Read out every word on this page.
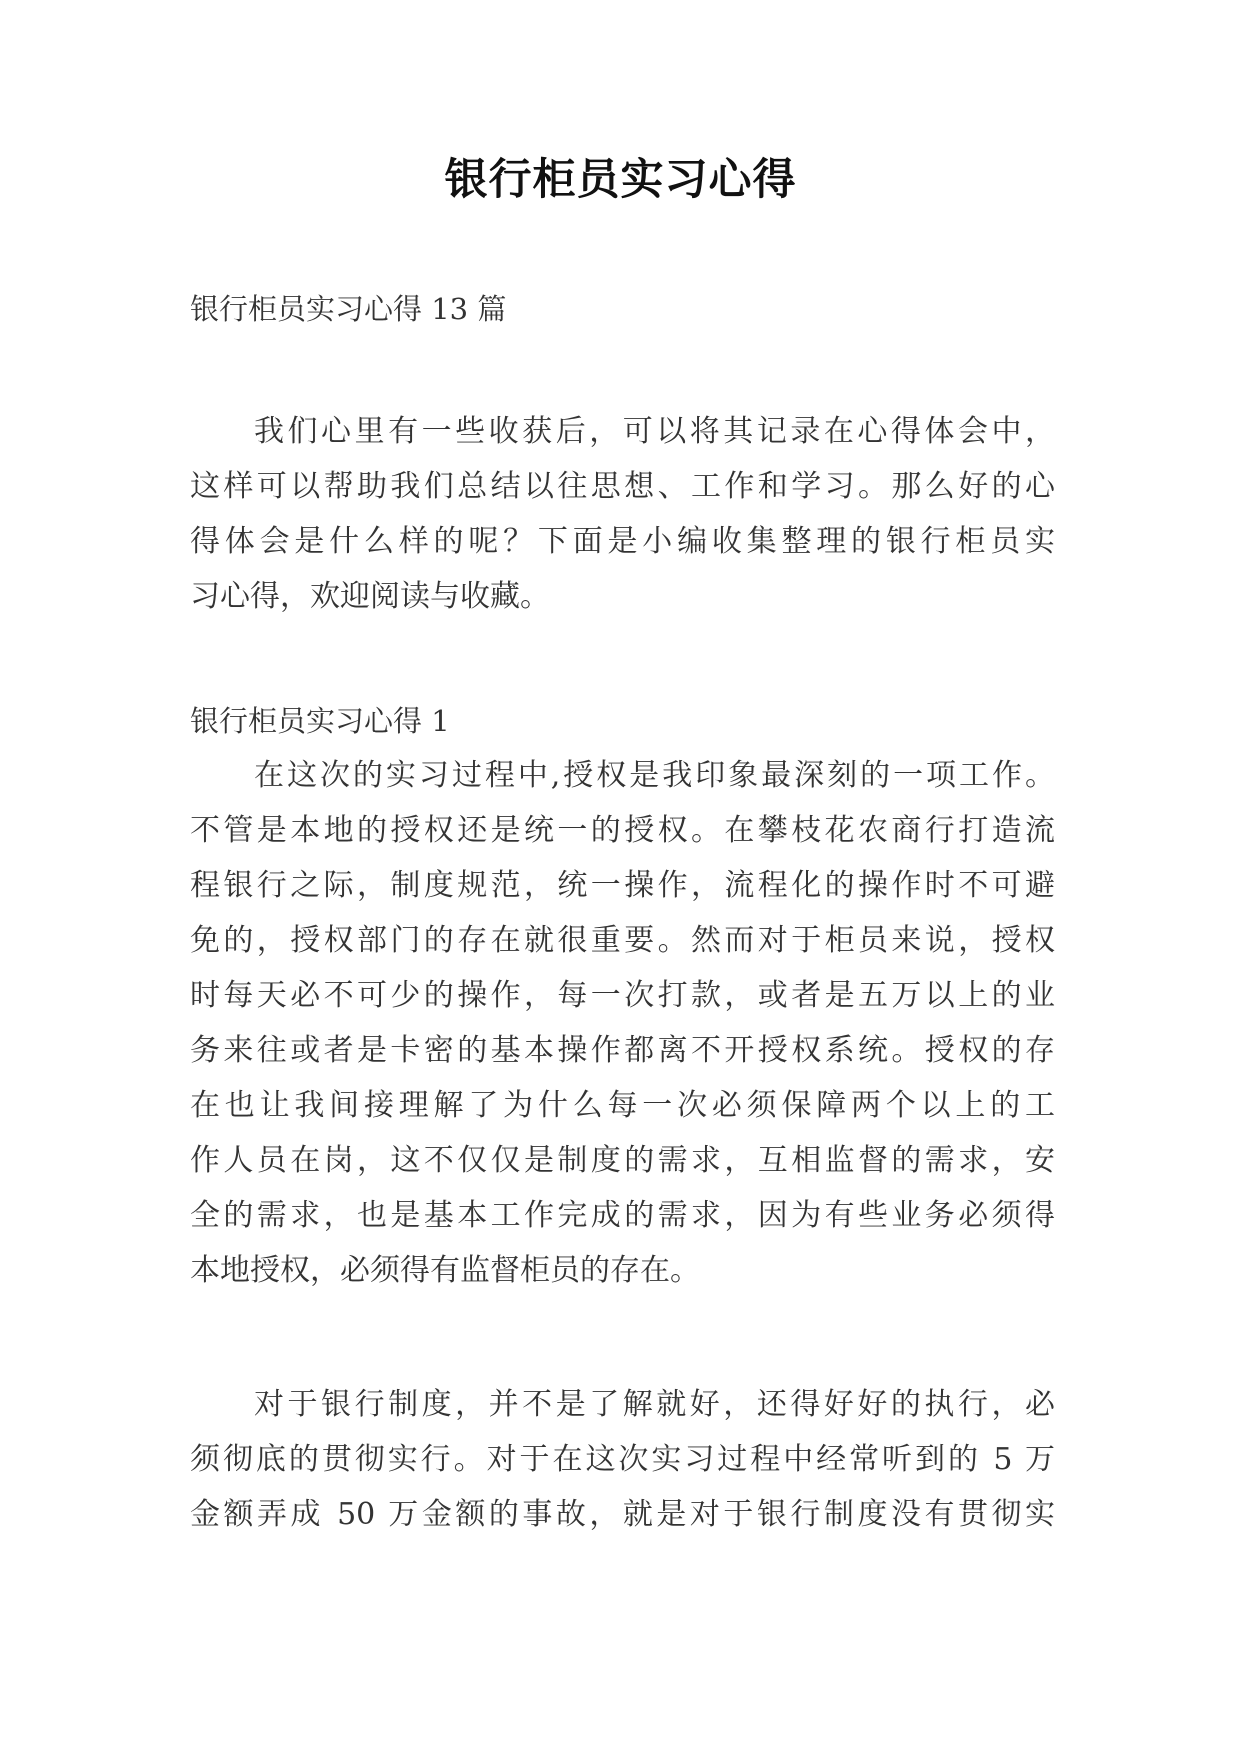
银行柜员实习心得
银行柜员实习心得 13 篇
我们心里有一些收获后，可以将其记录在心得体会中，
这样可以帮助我们总结以往思想、工作和学习。那么好的心
得体会是什么样的呢？下面是小编收集整理的银行柜员实
习心得，欢迎阅读与收藏。
银行柜员实习心得 1
在这次的实习过程中,授权是我印象最深刻的一项工作。
不管是本地的授权还是统一的授权。在攀枝花农商行打造流
程银行之际，制度规范，统一操作，流程化的操作时不可避
免的，授权部门的存在就很重要。然而对于柜员来说，授权
时每天必不可少的操作，每一次打款，或者是五万以上的业
务来往或者是卡密的基本操作都离不开授权系统。授权的存
在也让我间接理解了为什么每一次必须保障两个以上的工
作人员在岗，这不仅仅是制度的需求，互相监督的需求，安
全的需求，也是基本工作完成的需求，因为有些业务必须得
本地授权，必须得有监督柜员的存在。
对于银行制度，并不是了解就好，还得好好的执行，必
须彻底的贯彻实行。对于在这次实习过程中经常听到的 5 万
金额弄成 50 万金额的事故，就是对于银行制度没有贯彻实
